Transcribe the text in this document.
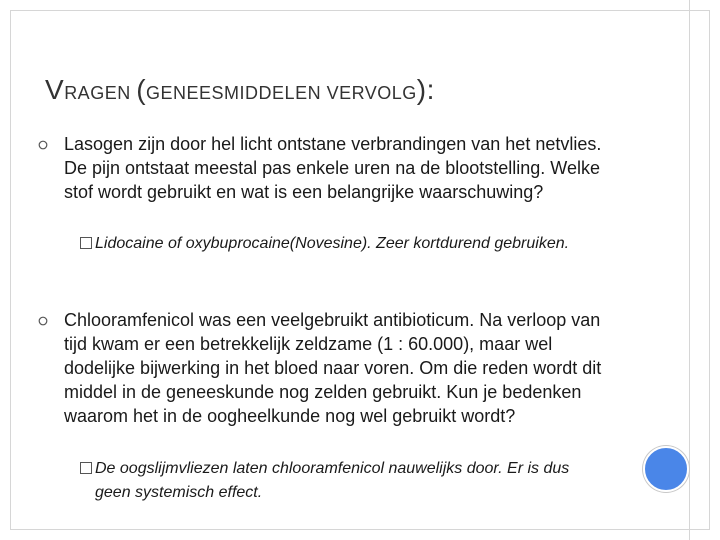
VRAGEN (GENEESMIDDELEN VERVOLG):
Lasogen zijn door hel licht ontstane verbrandingen van het netvlies. De pijn ontstaat meestal pas enkele uren na de blootstelling. Welke stof wordt gebruikt en wat is een belangrijke waarschuwing?
Lidocaine of oxybuprocaine(Novesine). Zeer kortdurend gebruiken.
Chlooramfenicol was een veelgebruikt antibioticum. Na verloop van tijd kwam er een betrekkelijk zeldzame (1 : 60.000), maar wel dodelijke bijwerking in het bloed naar voren. Om die reden wordt dit middel in de geneeskunde nog zelden gebruikt. Kun je bedenken waarom het in de oogheelkunde nog wel gebruikt wordt?
De oogslijmvliezen laten chlooramfenicol nauwelijks door. Er is dus geen systemisch effect.
